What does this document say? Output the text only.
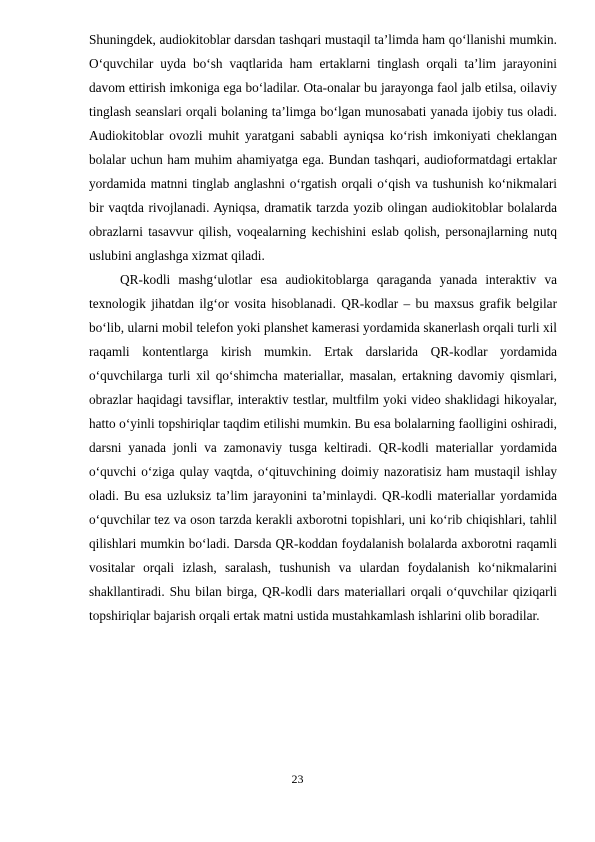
Shuningdek, audiokitoblar darsdan tashqari mustaqil ta’limda ham qo‘llanishi mumkin. O‘quvchilar uyda bo‘sh vaqtlarida ham ertaklarni tinglash orqali ta’lim jarayonini davom ettirish imkoniga ega bo‘ladilar. Ota-onalar bu jarayonga faol jalb etilsa, oilaviy tinglash seanslari orqali bolaning ta’limga bo‘lgan munosabati yanada ijobiy tus oladi. Audiokitoblar ovozli muhit yaratgani sababli ayniqsa ko‘rish imkoniyati cheklangan bolalar uchun ham muhim ahamiyatga ega. Bundan tashqari, audioformatdagi ertaklar yordamida matnni tinglab anglashni o‘rgatish orqali o‘qish va tushunish ko‘nikmalari bir vaqtda rivojlanadi. Ayniqsa, dramatik tarzda yozib olingan audiokitoblar bolalarda obrazlarni tasavvur qilish, voqealarning kechishini eslab qolish, personajlarning nutq uslubini anglashga xizmat qiladi.

QR-kodli mashg‘ulotlar esa audiokitoblarga qaraganda yanada interaktiv va texnologik jihatdan ilg‘or vosita hisoblanadi. QR-kodlar – bu maxsus grafik belgilar bo‘lib, ularni mobil telefon yoki planshet kamerasi yordamida skanerlash orqali turli xil raqamli kontentlarga kirish mumkin. Ertak darslarida QR-kodlar yordamida o‘quvchilarga turli xil qo‘shimcha materiallar, masalan, ertakning davomiy qismlari, obrazlar haqidagi tavsiflar, interaktiv testlar, multfilm yoki video shaklidagi hikoyalar, hatto o‘yinli topshiriqlar taqdim etilishi mumkin. Bu esa bolalarning faolligini oshiradi, darsni yanada jonli va zamonaviy tusga keltiradi. QR-kodli materiallar yordamida o‘quvchi o‘ziga qulay vaqtda, o‘qituvchining doimiy nazoratisiz ham mustaqil ishlay oladi. Bu esa uzluksiz ta’lim jarayonini ta’minlaydi. QR-kodli materiallar yordamida o‘quvchilar tez va oson tarzda kerakli axborotni topishlari, uni ko‘rib chiqishlari, tahlil qilishlari mumkin bo‘ladi. Darsda QR-koddan foydalanish bolalarda axborotni raqamli vositalar orqali izlash, saralash, tushunish va ulardan foydalanish ko‘nikmalarini shakllantiradi. Shu bilan birga, QR-kodli dars materiallari orqali o‘quvchilar qiziqarli topshiriqlar bajarish orqali ertak matni ustida mustahkamlash ishlarini olib boradilar.

23
